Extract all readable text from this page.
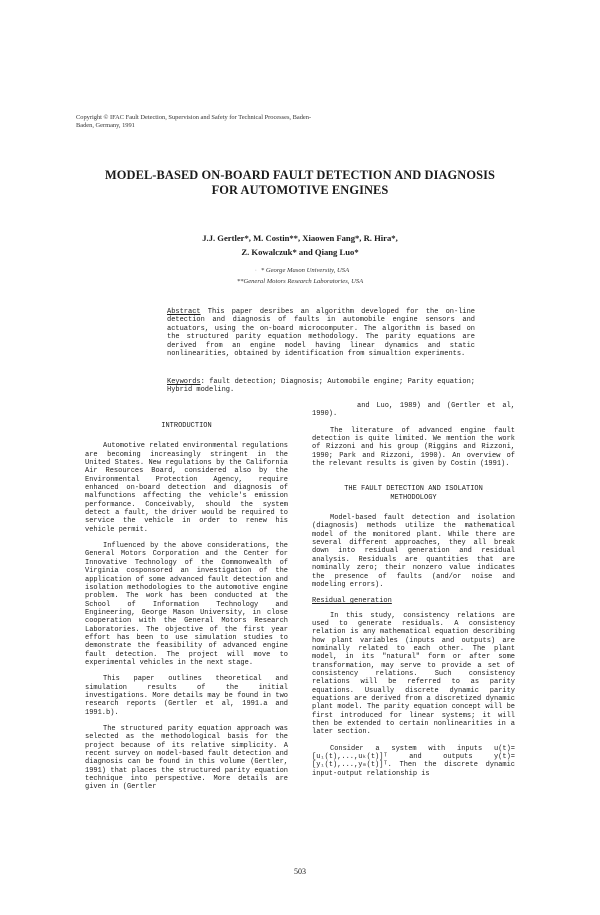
Copyright © IFAC Fault Detection, Supervision and Safety for Technical Processes, Baden-Baden, Germany, 1991
MODEL-BASED ON-BOARD FAULT DETECTION AND DIAGNOSIS FOR AUTOMOTIVE ENGINES
J.J. Gertler*, M. Costin**, Xiaowen Fang*, R. Hira*,
Z. Kowalczuk* and Qiang Luo*
· * George Mason University, USA
**General Motors Research Laboratories, USA
Abstract This paper desribes an algorithm developed for the on-line detection and diagnosis of faults in automobile engine sensors and actuators, using the on-board microcomputer. The algorithm is based on the structured parity equation methodology. The parity equations are derived from an engine model having linear dynamics and static nonlinearities, obtained by identification from simualtion experiments.
Keywords: fault detection; Diagnosis; Automobile engine; Parity equation; Hybrid modeling.
INTRODUCTION

Automotive related environmental regulations are becoming increasingly stringent in the United States. New regulations by the California Air Resources Board, considered also by the Environmental Protection Agency, require enhanced on-board detection and diagnosis of malfunctions affecting the vehicle's emission performance. Conceivably, should the system detect a fault, the driver would be required to service the vehicle in order to renew his vehicle permit.

Influenced by the above considerations, the General Motors Corporation and the Center for Innovative Technology of the Commonwealth of Virginia cosponsored an investigation of the application of some advanced fault detection and isolation methodologies to the automotive engine problem. The work has been conducted at the School of Information Technology and Engineering, George Mason University, in close cooperation with the General Motors Research Laboratories. The objective of the first year effort has been to use simulation studies to demonstrate the feasibility of advanced engine fault detection. The project will move to experimental vehicles in the next stage.

This paper outlines theoretical and simulation results of the initial investigations. More details may be found in two research reports (Gertler et al, 1991.a and 1991.b).

The structured parity equation approach was selected as the methodological basis for the project because of its relative simplicity. A recent survey on model-based fault detection and diagnosis can be found in this volume (Gertler, 1991) that places the structured parity equation technique into perspective. More details are given in (Gertler

and Luo, 1989) and (Gertler et al, 1990).

The literature of advanced engine fault detection is quite limited. We mention the work of Rizzoni and his group (Riggins and Rizzoni, 1990; Park and Rizzoni, 1990). An overview of the relevant results is given by Costin (1991).

THE FAULT DETECTION AND ISOLATION METHODOLOGY

Model-based fault detection and isolation (diagnosis) methods utilize the mathematical model of the monitored plant. While there are several different approaches, they all break down into residual generation and residual analysis. Residuals are quantities that are nominally zero; their nonzero value indicates the presence of faults (and/or noise and modeling errors).

Residual generation

In this study, consistency relations are used to generate residuals. A consistency relation is any mathematical equation describing how plant variables (inputs and outputs) are nominally related to each other. The plant model, in its "natural" form or after some transformation, may serve to provide a set of consistency relations. Such consistency relations will be referred to as parity equations. Usually discrete dynamic parity equations are derived from a discretized dynamic plant model. The parity equation concept will be first introduced for linear systems; it will then be extended to certain nonlinearities in a later section.

Consider a system with inputs u(t)=[u₁(t),...,uₖ(t)]ᵀ and outputs y(t)=[y₁(t),...,yₘ(t)]ᵀ. Then the discrete dynamic input-output relationship is

503
